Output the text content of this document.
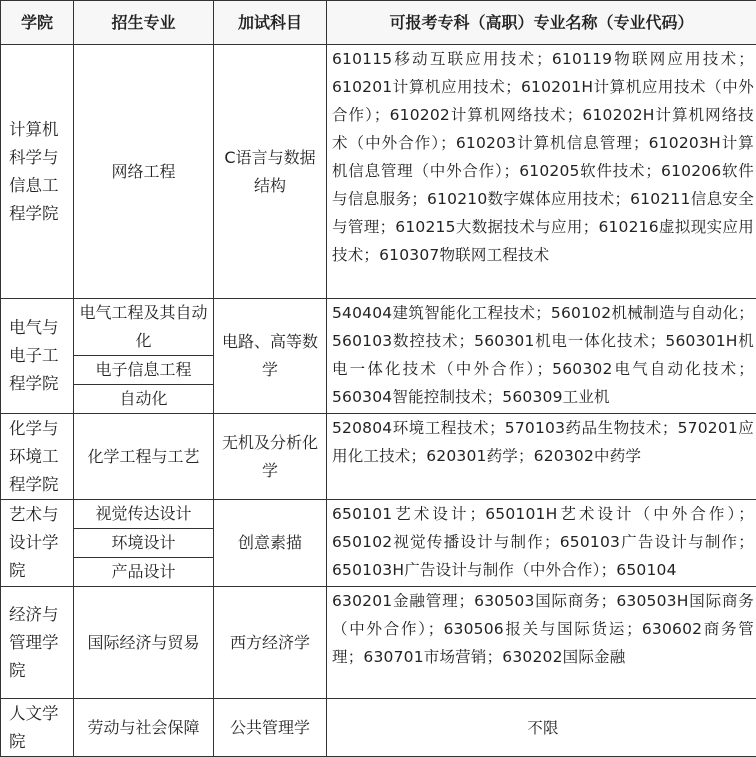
学院	招生专业	加试科目	可报考专科（高职）专业名称（专业代码）
计算机科学与信息工程学院	网络工程	C语言与数据结构	610115移动互联应用技术；610119物联网应用技术；610201计算机应用技术；610201H计算机应用技术（中外合作）；610202计算机网络技术；610202H计算机网络技术（中外合作）；610203计算机信息管理；610203H计算机信息管理（中外合作）；610205软件技术；610206软件与信息服务；610210数字媒体应用技术；610211信息安全与管理；610215大数据技术与应用；610216虚拟现实应用技术；610307物联网工程技术
电气与电子工程学院	电气工程及其自动化	电路、高等数学	540404建筑智能化工程技术；560102机械制造与自动化；560103数控技术；560301机电一体化技术；560301H机电一体化技术（中外合作）；560302电气自动化技术；560304智能控制技术；560309工业机
	电子信息工程		
	自动化		
化学与环境工程学院	化学工程与工艺	无机及分析化学	520804环境工程技术；570103药品生物技术；570201应用化工技术；620301药学；620302中药学
艺术与设计学院	视觉传达设计	创意素描	650101艺术设计；650101H艺术设计（中外合作）；650102视觉传播设计与制作；650103广告设计与制作；650103H广告设计与制作（中外合作）；650104
	环境设计		
	产品设计		
经济与管理学院	国际经济与贸易	西方经济学	630201金融管理；630503国际商务；630503H国际商务（中外合作）；630506报关与国际货运；630602商务管理；630701市场营销；630202国际金融
人文学院	劳动与社会保障	公共管理学	不限
